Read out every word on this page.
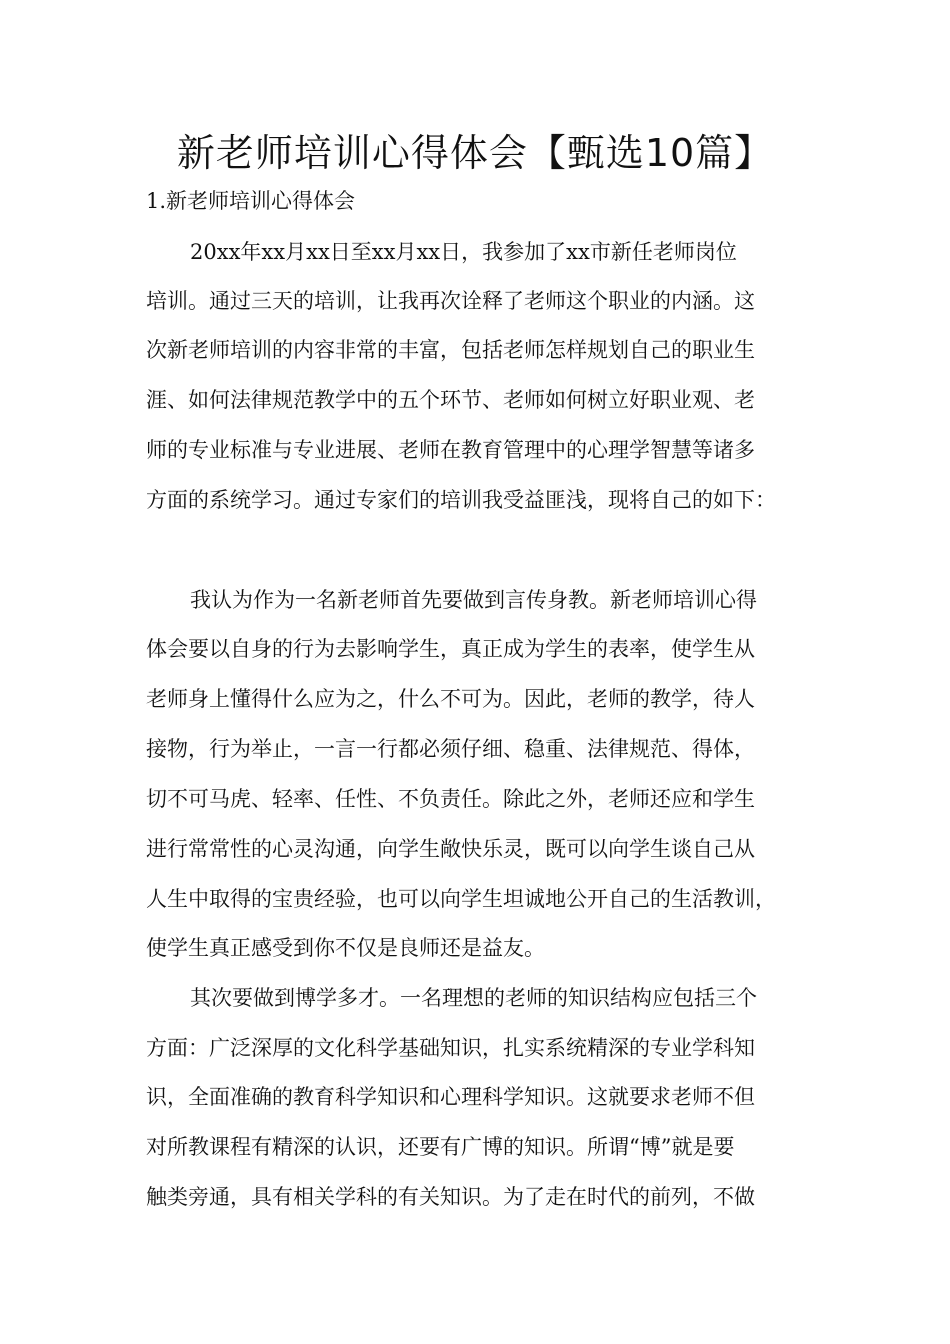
新老师培训心得体会【甄选10篇】
1.新老师培训心得体会

20xx年xx月xx日至xx月xx日，我参加了xx市新任老师岗位

培训。通过三天的培训，让我再次诠释了老师这个职业的内涵。这

次新老师培训的内容非常的丰富，包括老师怎样规划自己的职业生

涯、如何法律规范教学中的五个环节、老师如何树立好职业观、老

师的专业标准与专业进展、老师在教育管理中的心理学智慧等诸多

方面的系统学习。通过专家们的培训我受益匪浅，现将自己的如下：

我认为作为一名新老师首先要做到言传身教。新老师培训心得

体会要以自身的行为去影响学生，真正成为学生的表率，使学生从

老师身上懂得什么应为之，什么不可为。因此，老师的教学，待人

接物，行为举止，一言一行都必须仔细、稳重、法律规范、得体，

切不可马虎、轻率、任性、不负责任。除此之外，老师还应和学生

进行常常性的心灵沟通，向学生敞快乐灵，既可以向学生谈自己从

人生中取得的宝贵经验，也可以向学生坦诚地公开自己的生活教训，

使学生真正感受到你不仅是良师还是益友。

其次要做到博学多才。一名理想的老师的知识结构应包括三个

方面：广泛深厚的文化科学基础知识，扎实系统精深的专业学科知

识，全面准确的教育科学知识和心理科学知识。这就要求老师不但

对所教课程有精深的认识，还要有广博的知识。所谓“博”就是要

触类旁通，具有相关学科的有关知识。为了走在时代的前列，不做
